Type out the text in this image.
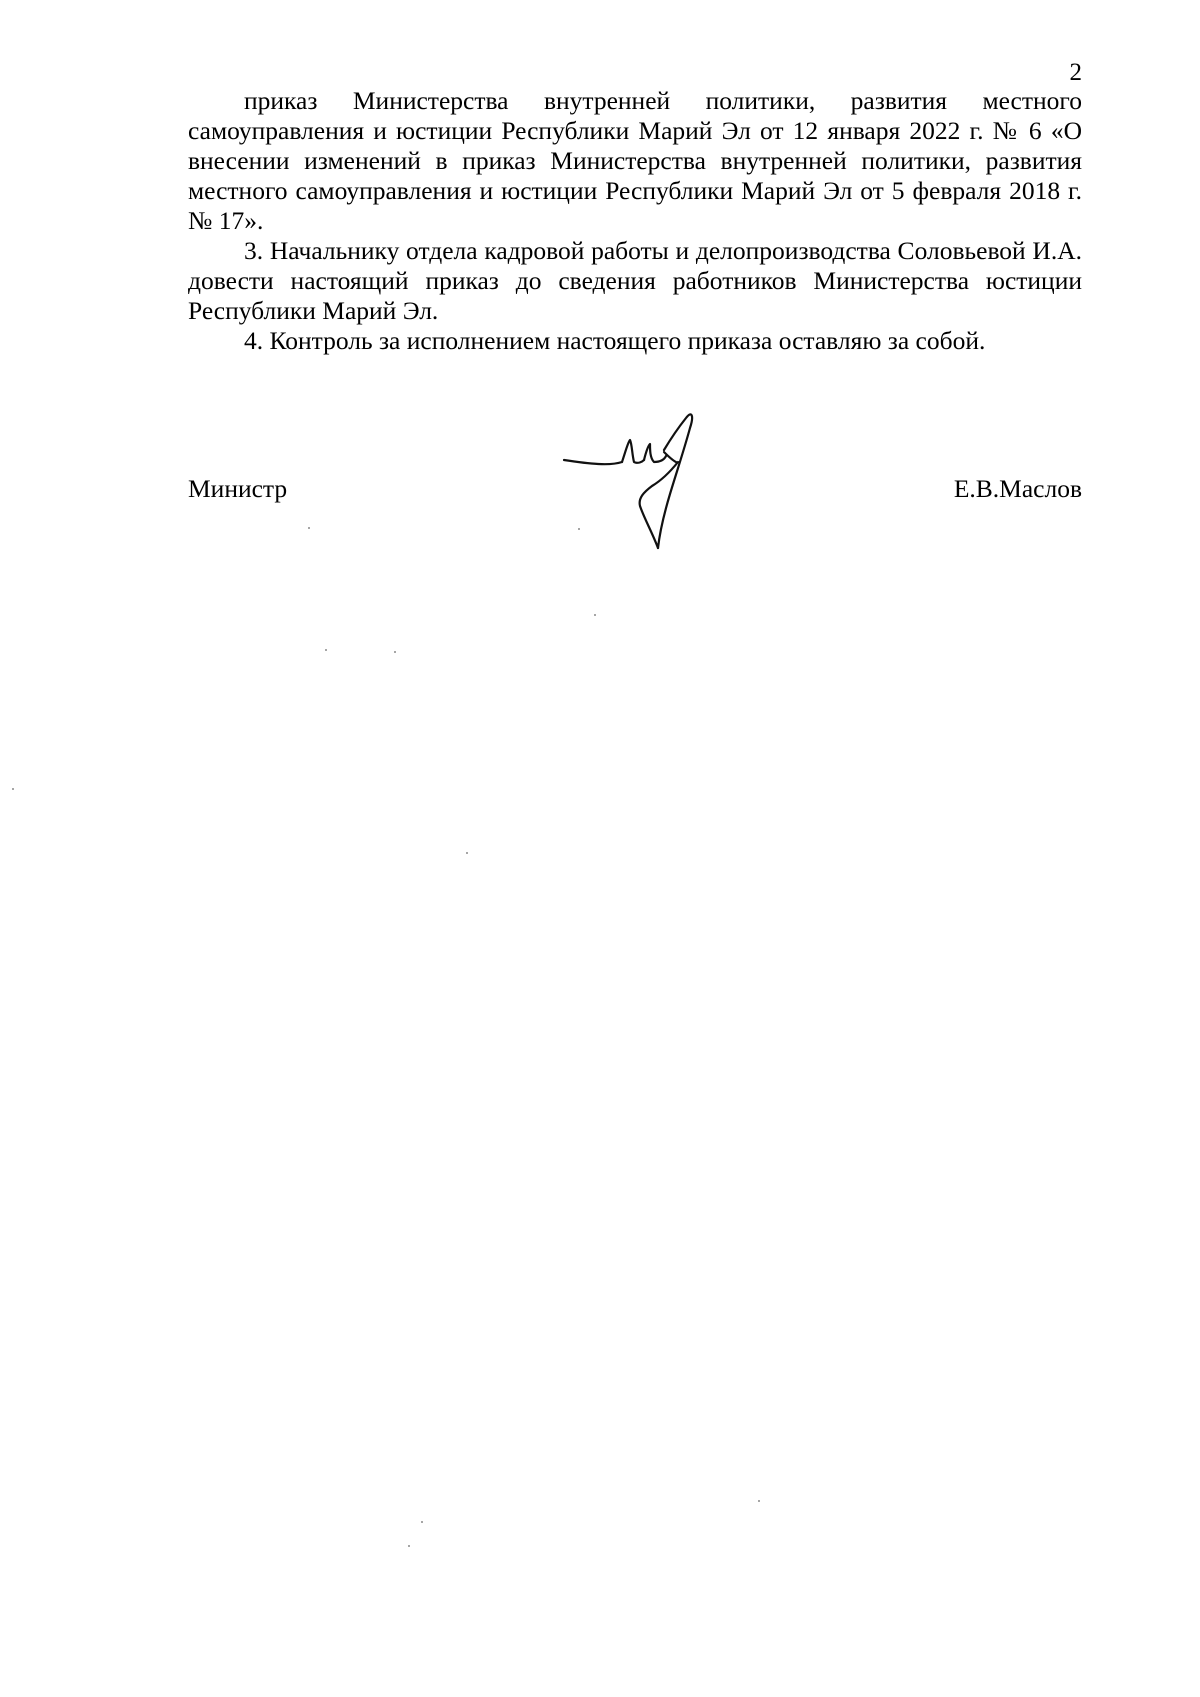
2

приказ Министерства внутренней политики, развития местного самоуправления и юстиции Республики Марий Эл от 12 января 2022 г. № 6 «О внесении изменений в приказ Министерства внутренней политики, развития местного самоуправления и юстиции Республики Марий Эл от 5 февраля 2018 г. № 17».

3. Начальнику отдела кадровой работы и делопроизводства Соловьевой И.А. довести настоящий приказ до сведения работников Министерства юстиции Республики Марий Эл.

4. Контроль за исполнением настоящего приказа оставляю за собой.

Министр	Е.В.Маслов
